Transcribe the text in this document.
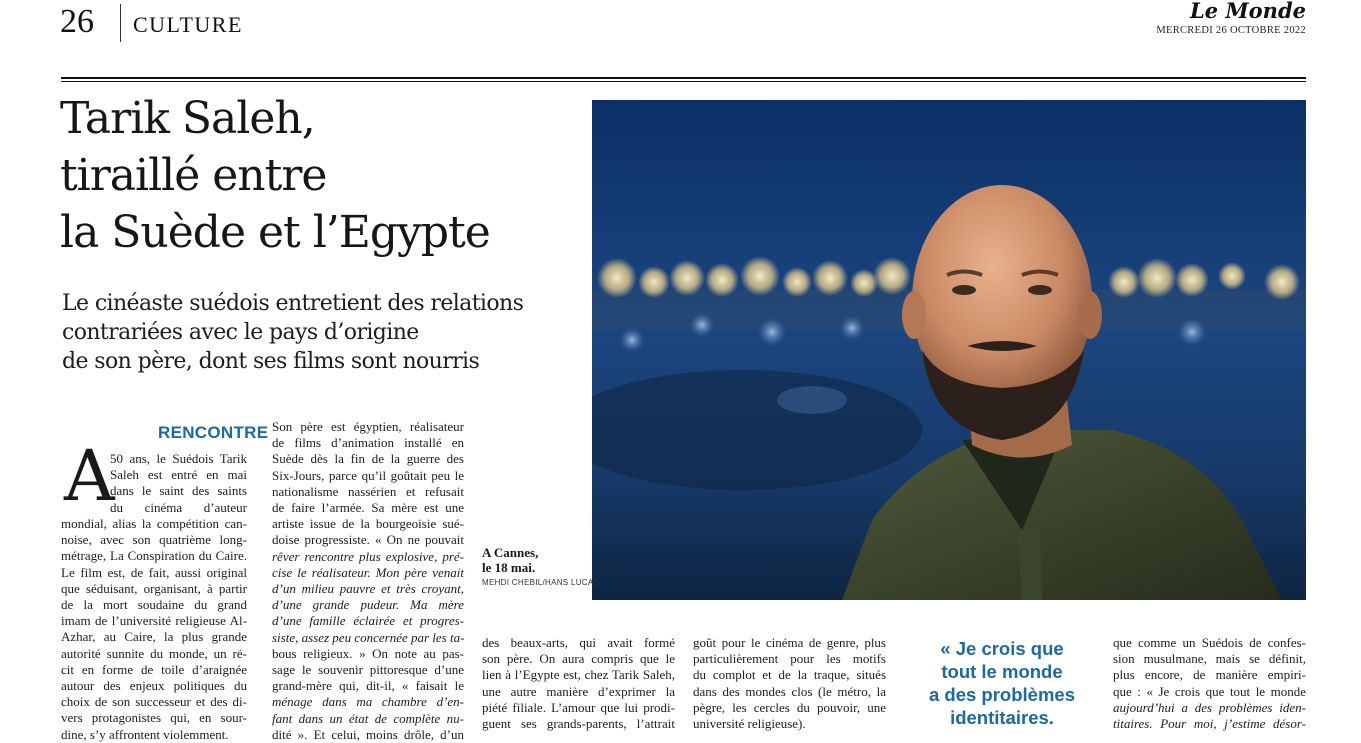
26 CULTURE
Le Monde
MERCREDI 26 OCTOBRE 2022
Tarik Saleh,
tiraillé entre
la Suède et l’Egypte
Le cinéaste suédois entretient des relations
contrariées avec le pays d’origine
de son père, dont ses films sont nourris
A Cannes,
le 18 mai.
MEHDI CHEBIL/HANS LUCAS
RENCONTRE
A
50 ans, le Suédois Tarik
Saleh est entré en mai
dans le saint des saints
du cinéma d’auteur
mondial, alias la compétition can-
noise, avec son quatrième long-
métrage, La Conspiration du Caire.
Le film est, de fait, aussi original
que séduisant, organisant, à partir
de la mort soudaine du grand
imam de l’université religieuse Al-
Azhar, au Caire, la plus grande
autorité sunnite du monde, un ré-
cit en forme de toile d’araignée
autour des enjeux politiques du
choix de son successeur et des di-
vers protagonistes qui, en sour-
dine, s’y affrontent violemment.
Son père est égyptien, réalisateur
de films d’animation installé en
Suède dès la fin de la guerre des
Six-Jours, parce qu’il goûtait peu le
nationalisme nassérien et refusait
de faire l’armée. Sa mère est une
artiste issue de la bourgeoisie sué-
doise progressiste. « On ne pouvait
rêver rencontre plus explosive, pré-
cise le réalisateur. Mon père venait
d’un milieu pauvre et très croyant,
d’une grande pudeur. Ma mère
d’une famille éclairée et progres-
siste, assez peu concernée par les ta-
bous religieux. » On note au pas-
sage le souvenir pittoresque d’une
grand-mère qui, dit-il, « faisait le
ménage dans ma chambre d’en-
fant dans un état de complète nu-
dité ». Et celui, moins drôle, d’un
des beaux-arts, qui avait formé
son père. On aura compris que le
lien à l’Egypte est, chez Tarik Saleh,
une autre manière d’exprimer la
piété filiale. L’amour que lui prodi-
guent ses grands-parents, l’attrait
goût pour le cinéma de genre, plus
particulièrement pour les motifs
du complot et de la traque, situés
dans des mondes clos (le métro, la
pègre, les cercles du pouvoir, une
université religieuse).
« Je crois que
tout le monde
a des problèmes
identitaires.
que comme un Suédois de confes-
sion musulmane, mais se définit,
plus encore, de manière empiri-
que : « Je crois que tout le monde
aujourd’hui a des problèmes iden-
titaires. Pour moi, j’estime désor-
